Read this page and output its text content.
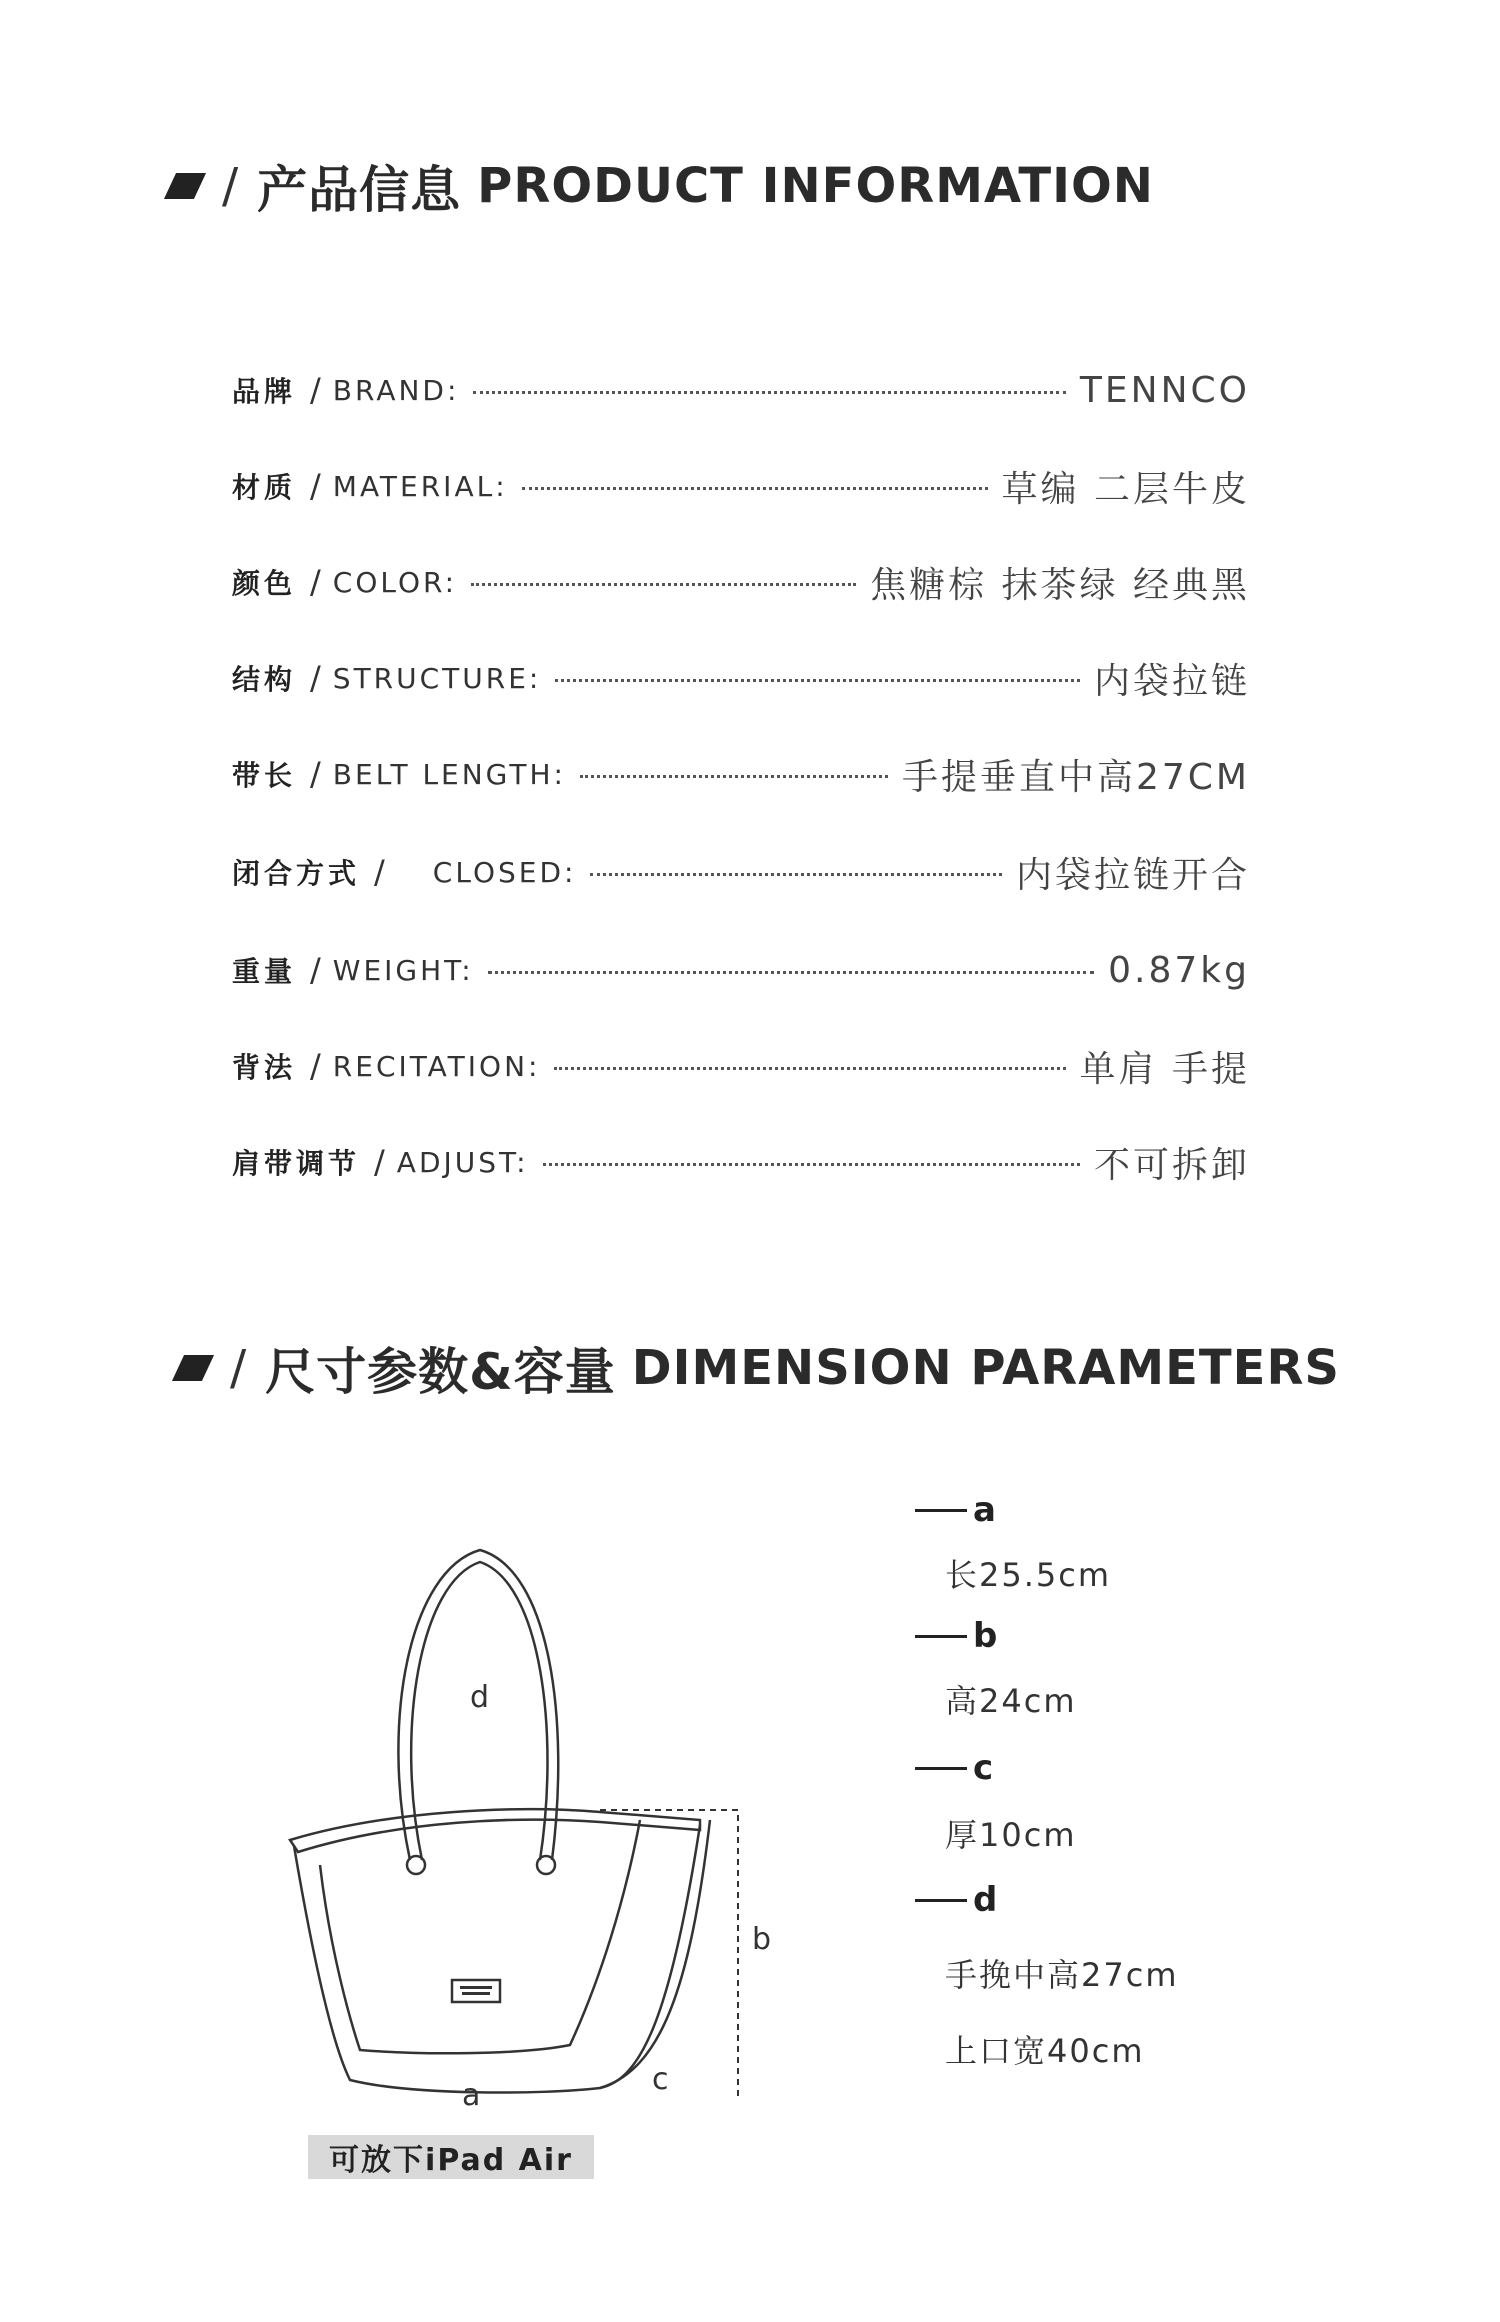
/ 产品信息 PRODUCT INFORMATION
品牌 / BRAND:	TENNCO
材质 / MATERIAL:	草编 二层牛皮
颜色 / COLOR:	焦糖棕 抹茶绿 经典黑
结构 / STRUCTURE:	内袋拉链
带长 / BELT LENGTH:	手提垂直中高27CM
闭合方式 / CLOSED:	内袋拉链开合
重量 / WEIGHT:	0.87kg
背法 / RECITATION:	单肩 手提
肩带调节 / ADJUST:	不可拆卸
/ 尺寸参数&容量 DIMENSION PARAMETERS
d
b
a	c
可放下iPad Air
a
长25.5cm
b
高24cm
c
厚10cm
d
手挽中高27cm
上口宽40cm
